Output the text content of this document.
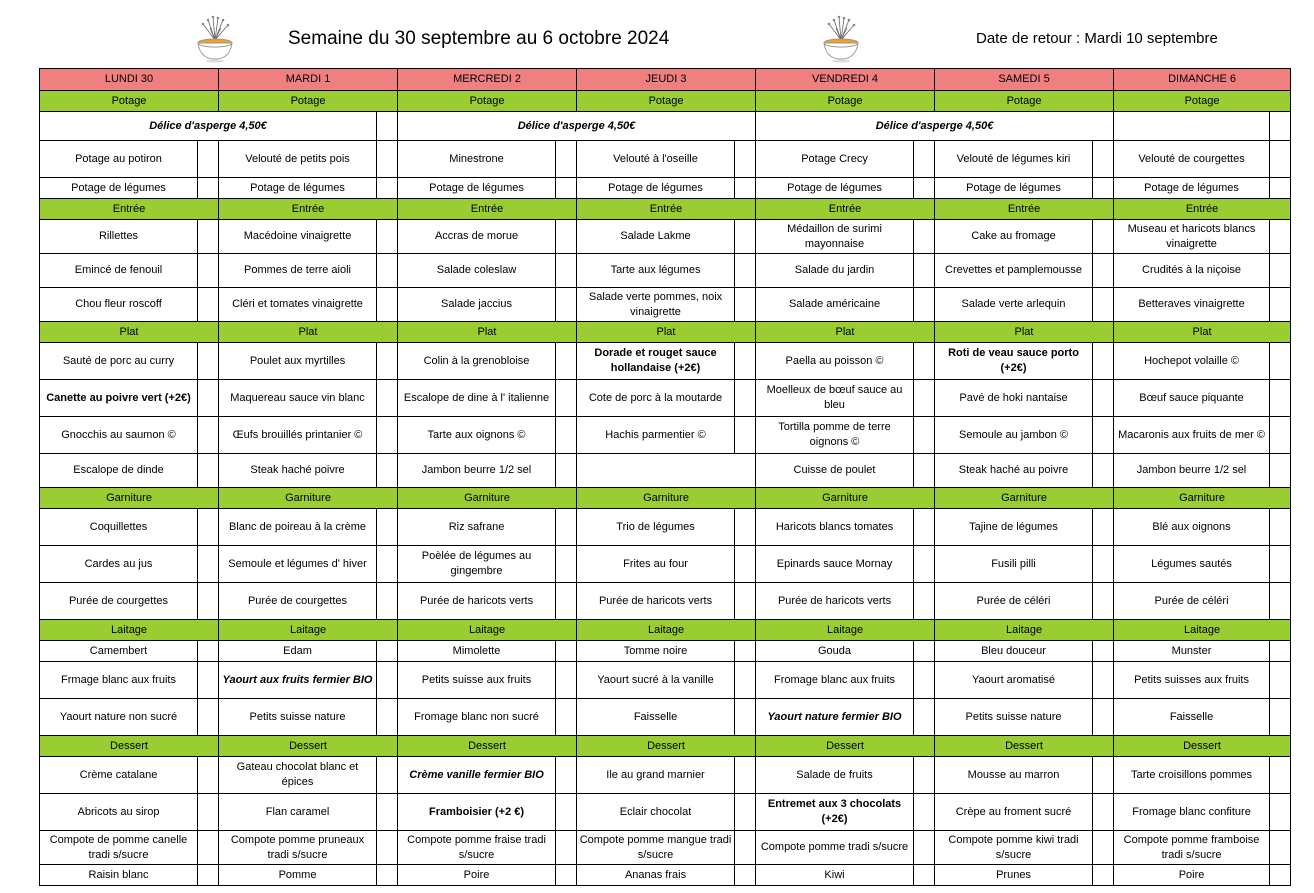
Semaine du 30 septembre au 6 octobre 2024	Date de retour : Mardi 10 septembre
LUNDI 30		MARDI 1		MERCREDI 2		JEUDI 3		VENDREDI 4		SAMEDI 5		DIMANCHE 6	
Potage		Potage		Potage		Potage		Potage		Potage		Potage	
Délice d'asperge 4,50€				Délice d'asperge 4,50€				Délice d'asperge 4,50€					
Potage au potiron		Velouté de petits pois		Minestrone		Velouté à l'oseille		Potage Crecy		Velouté de légumes kiri		Velouté de courgettes	
Potage de légumes		Potage de légumes		Potage de légumes		Potage de légumes		Potage de légumes		Potage de légumes		Potage de légumes	
Entrée		Entrée		Entrée		Entrée		Entrée		Entrée		Entrée	
Rillettes		Macédoine vinaigrette		Accras de morue		Salade Lakme		Médaillon de surimi mayonnaise		Cake au fromage		Museau et haricots blancs vinaigrette	
Emincé de fenouil		Pommes de terre aioli		Salade coleslaw		Tarte aux légumes		Salade du jardin		Crevettes et pamplemousse		Crudités à la niçoise	
Chou fleur roscoff		Cléri et tomates vinaigrette		Salade jaccius		Salade verte pommes, noix vinaigrette		Salade américaine		Salade verte arlequin		Betteraves vinaigrette	
Plat		Plat		Plat		Plat		Plat		Plat		Plat	
Sauté de porc au curry		Poulet aux myrtilles		Colin à la grenobloise		Dorade et rouget sauce hollandaise (+2€)		Paella au poisson ©		Roti de veau sauce porto (+2€)		Hochepot volaille ©	
Canette au poivre vert (+2€)		Maquereau sauce vin blanc		Escalope de dine à l' italienne		Cote de porc à la moutarde		Moelleux de bœuf sauce au bleu		Pavé de hoki nantaise		Bœuf sauce piquante	
Gnocchis au saumon ©		Œufs brouillés printanier ©		Tarte aux oignons ©		Hachis parmentier ©		Tortilla pomme de terre oignons ©		Semoule au jambon ©		Macaronis aux fruits de mer ©	
Escalope de dinde		Steak haché poivre		Jambon beurre 1/2 sel				Cuisse de poulet		Steak haché au poivre		Jambon beurre 1/2 sel	
Garniture		Garniture		Garniture		Garniture		Garniture		Garniture		Garniture	
Coquillettes		Blanc de poireau à la crème		Riz safrane		Trio de légumes		Haricots blancs tomates		Tajine de légumes		Blé aux oignons	
Cardes au jus		Semoule et légumes d' hiver		Poèlée de légumes au gingembre		Frites au four		Epinards sauce Mornay		Fusili pilli		Légumes sautés	
Purée de courgettes		Purée de courgettes		Purée de haricots verts		Purée de haricots verts		Purée de haricots verts		Purée de céléri		Purée de céléri	
Laitage		Laitage		Laitage		Laitage		Laitage		Laitage		Laitage	
Camembert		Edam		Mimolette		Tomme noire		Gouda		Bleu douceur		Munster	
Frmage blanc aux fruits		Yaourt aux fruits fermier BIO		Petits suisse aux fruits		Yaourt sucré à la vanille		Fromage blanc aux fruits		Yaourt aromatisé		Petits suisses aux fruits	
Yaourt nature non sucré		Petits suisse nature		Fromage blanc non sucré		Faisselle		Yaourt nature fermier BIO		Petits suisse nature		Faisselle	
Dessert		Dessert		Dessert		Dessert		Dessert		Dessert		Dessert	
Crème catalane		Gateau chocolat blanc et épices		Crème vanille fermier BIO		Ile au grand marnier		Salade de fruits		Mousse au marron		Tarte croisillons pommes	
Abricots au sirop		Flan caramel		Framboisier (+2 €)		Eclair chocolat		Entremet aux 3 chocolats (+2€)		Crèpe au froment sucré		Fromage blanc confiture	
Compote de pomme canelle tradi s/sucre		Compote pomme pruneaux tradi s/sucre		Compote pomme fraise tradi s/sucre		Compote pomme mangue tradi s/sucre		Compote pomme tradi s/sucre		Compote pomme kiwi tradi s/sucre		Compote pomme framboise tradi s/sucre	
Raisin blanc		Pomme		Poire		Ananas frais		Kiwi		Prunes		Poire	
